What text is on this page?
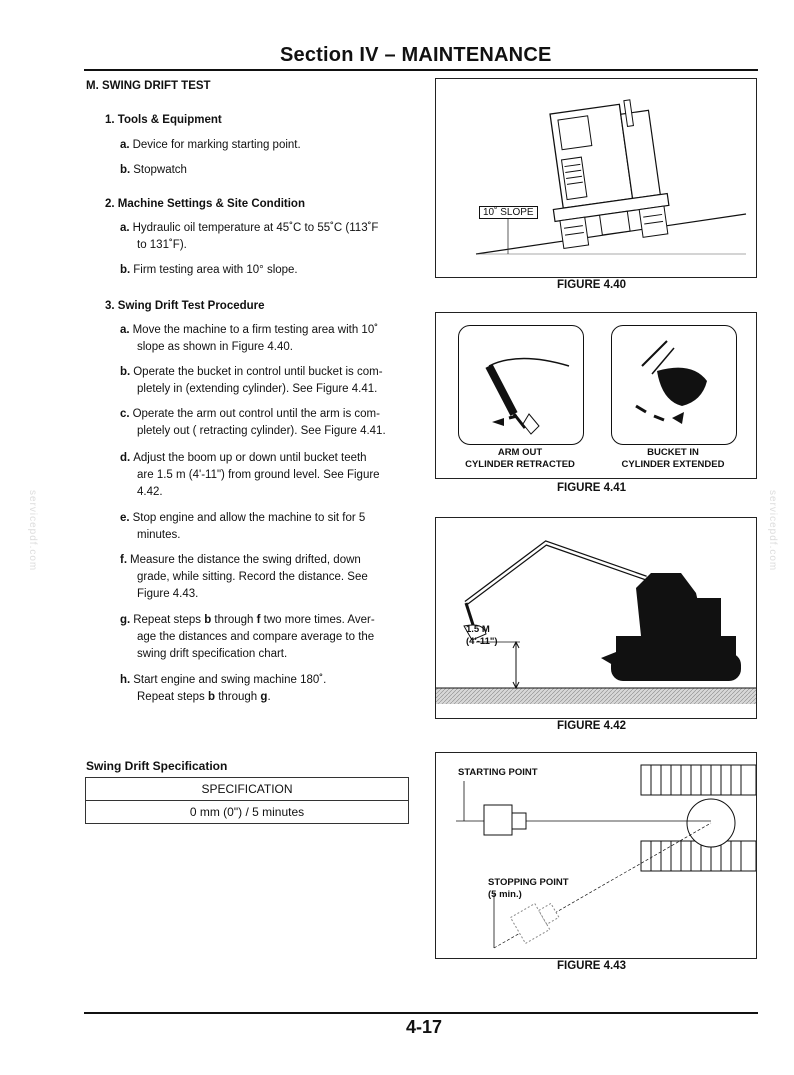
Section IV – MAINTENANCE
M. SWING DRIFT TEST
1. Tools & Equipment
a. Device for marking starting point.
b. Stopwatch
2. Machine Settings & Site Condition
a. Hydraulic oil temperature at 45˚C to 55˚C (113˚F
to 131˚F).
b. Firm testing area with 10° slope.
3. Swing Drift Test Procedure
a. Move the machine to a firm testing area with 10˚
slope as shown in Figure 4.40.
b. Operate the bucket in control until bucket is com-
pletely in (extending cylinder). See Figure 4.41.
c. Operate the arm out control until the arm is com-
pletely out ( retracting cylinder). See Figure 4.41.
d. Adjust the boom up or down until bucket teeth
are 1.5 m (4'-11") from ground level. See Figure
4.42.
e. Stop engine and allow the machine to sit for 5
minutes.
f. Measure the distance the swing drifted, down
grade, while sitting. Record the distance. See
Figure 4.43.
g. Repeat steps b through f two more times. Aver-
age the distances and compare average to the
swing drift specification chart.
h. Start engine and swing machine 180˚.
Repeat steps b through g.
Swing Drift Specification
SPECIFICATION
0 mm (0") / 5 minutes
10˚ SLOPE
FIGURE 4.40
ARM OUT
CYLINDER RETRACTED
BUCKET IN
CYLINDER EXTENDED
FIGURE 4.41
1.5 M
(4'-11")
FIGURE 4.42
STARTING POINT
STOPPING POINT
(5 min.)
FIGURE 4.43
4-17
servicepdf.com	servicepdf.com
